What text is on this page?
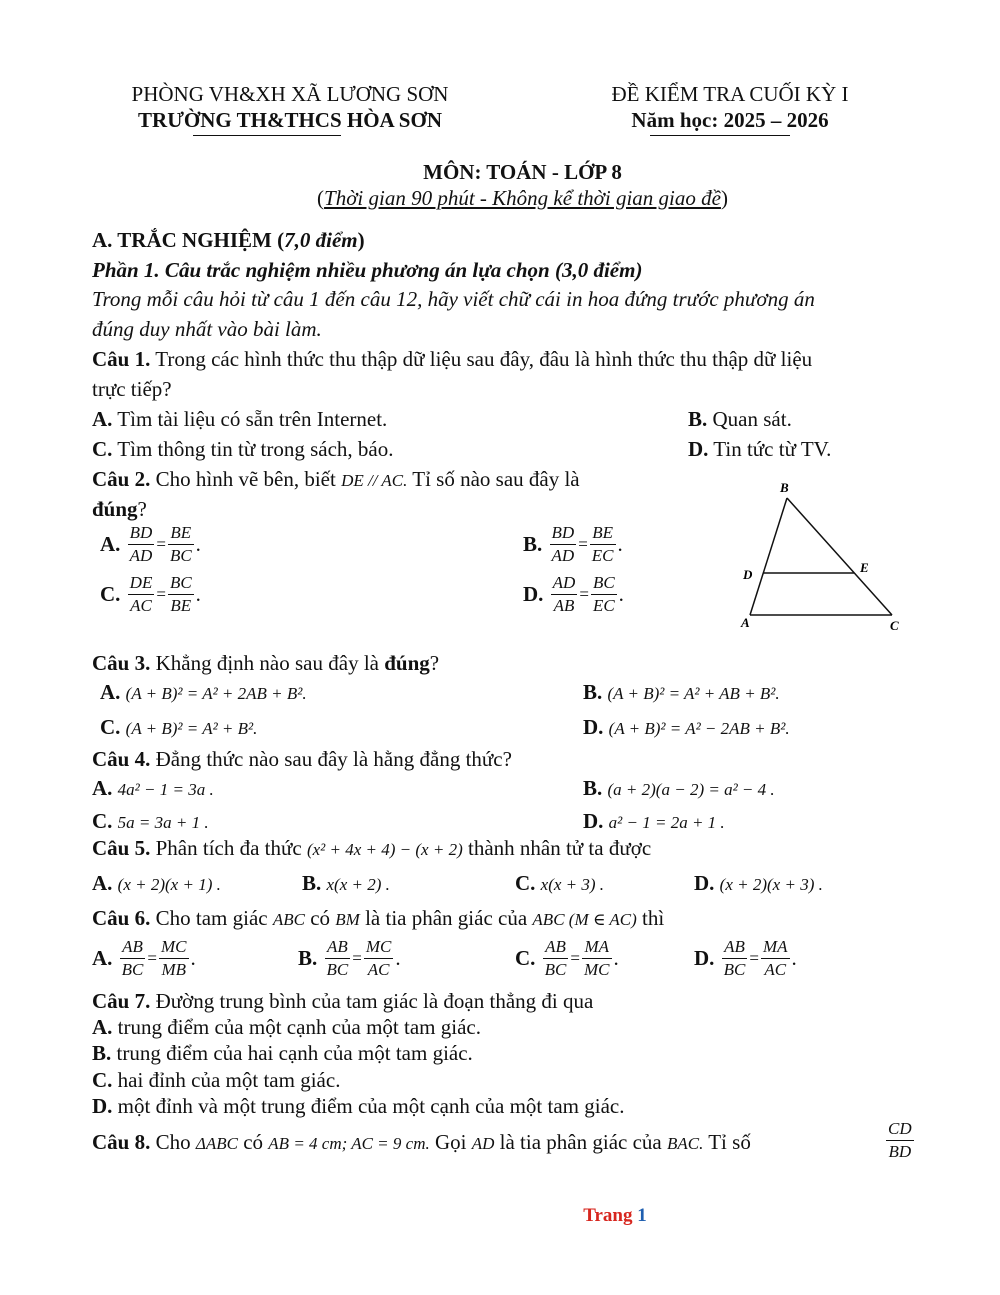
PHÒNG VH&XH XÃ LƯƠNG SƠN
TRƯỜNG TH&THCS HÒA SƠN
ĐỀ KIỂM TRA CUỐI KỲ I
Năm học: 2025 – 2026
MÔN: TOÁN - LỚP 8
(Thời gian 90 phút - Không kể thời gian giao đề)
A. TRẮC NGHIỆM (7,0 điểm)
Phần 1. Câu trắc nghiệm nhiều phương án lựa chọn (3,0 điểm)
Trong mỗi câu hỏi từ câu 1 đến câu 12, hãy viết chữ cái in hoa đứng trước phương án
đúng duy nhất vào bài làm.
Câu 1. Trong các hình thức thu thập dữ liệu sau đây, đâu là hình thức thu thập dữ liệu
trực tiếp?
A. Tìm tài liệu có sẵn trên Internet.	B. Quan sát.
C. Tìm thông tin từ trong sách, báo.	D. Tin tức từ TV.
Câu 2. Cho hình vẽ bên, biết DE // AC. Tỉ số nào sau đây là
đúng?
A. $\frac{BD}{AD} = \frac{BE}{BC}$ .	B. $\frac{BD}{AD} = \frac{BE}{EC}$ .
C. $\frac{DE}{AC} = \frac{BC}{BE}$ .	D. $\frac{AD}{AB} = \frac{BC}{EC}$ .
B
D	E
A	C
Câu 3. Khẳng định nào sau đây là đúng?
A. (A + B)² = A² + 2AB + B².	B. (A + B)² = A² + AB + B².
C. (A + B)² = A² + B².	D. (A + B)² = A² − 2AB + B².
Câu 4. Đẳng thức nào sau đây là hằng đẳng thức?
A. 4a² − 1 = 3a .	B. (a + 2)(a − 2) = a² − 4 .
C. 5a = 3a + 1 .	D. a² − 1 = 2a + 1 .
Câu 5. Phân tích đa thức (x² + 4x + 4) − (x + 2) thành nhân tử ta được
A. (x + 2)(x + 1) .	B. x(x + 2) .	C. x(x + 3) .	D. (x + 2)(x + 3) .
Câu 6. Cho tam giác ABC có BM là tia phân giác của ABC (M ∈ AC) thì
A. $\frac{AB}{BC} = \frac{MC}{MB}$ .	B. $\frac{AB}{BC} = \frac{MC}{AC}$ .	C. $\frac{AB}{BC} = \frac{MA}{MC}$ .	D. $\frac{AB}{BC} = \frac{MA}{AC}$ .
Câu 7. Đường trung bình của tam giác là đoạn thẳng đi qua
A. trung điểm của một cạnh của một tam giác.
B. trung điểm của hai cạnh của một tam giác.
C. hai đỉnh của một tam giác.
D. một đỉnh và một trung điểm của một cạnh của một tam giác.
Câu 8. Cho ΔABC có AB = 4 cm; AC = 9 cm. Gọi AD là tia phân giác của BAC. Tỉ số	$\frac{CD}{BD}$
Trang 1
